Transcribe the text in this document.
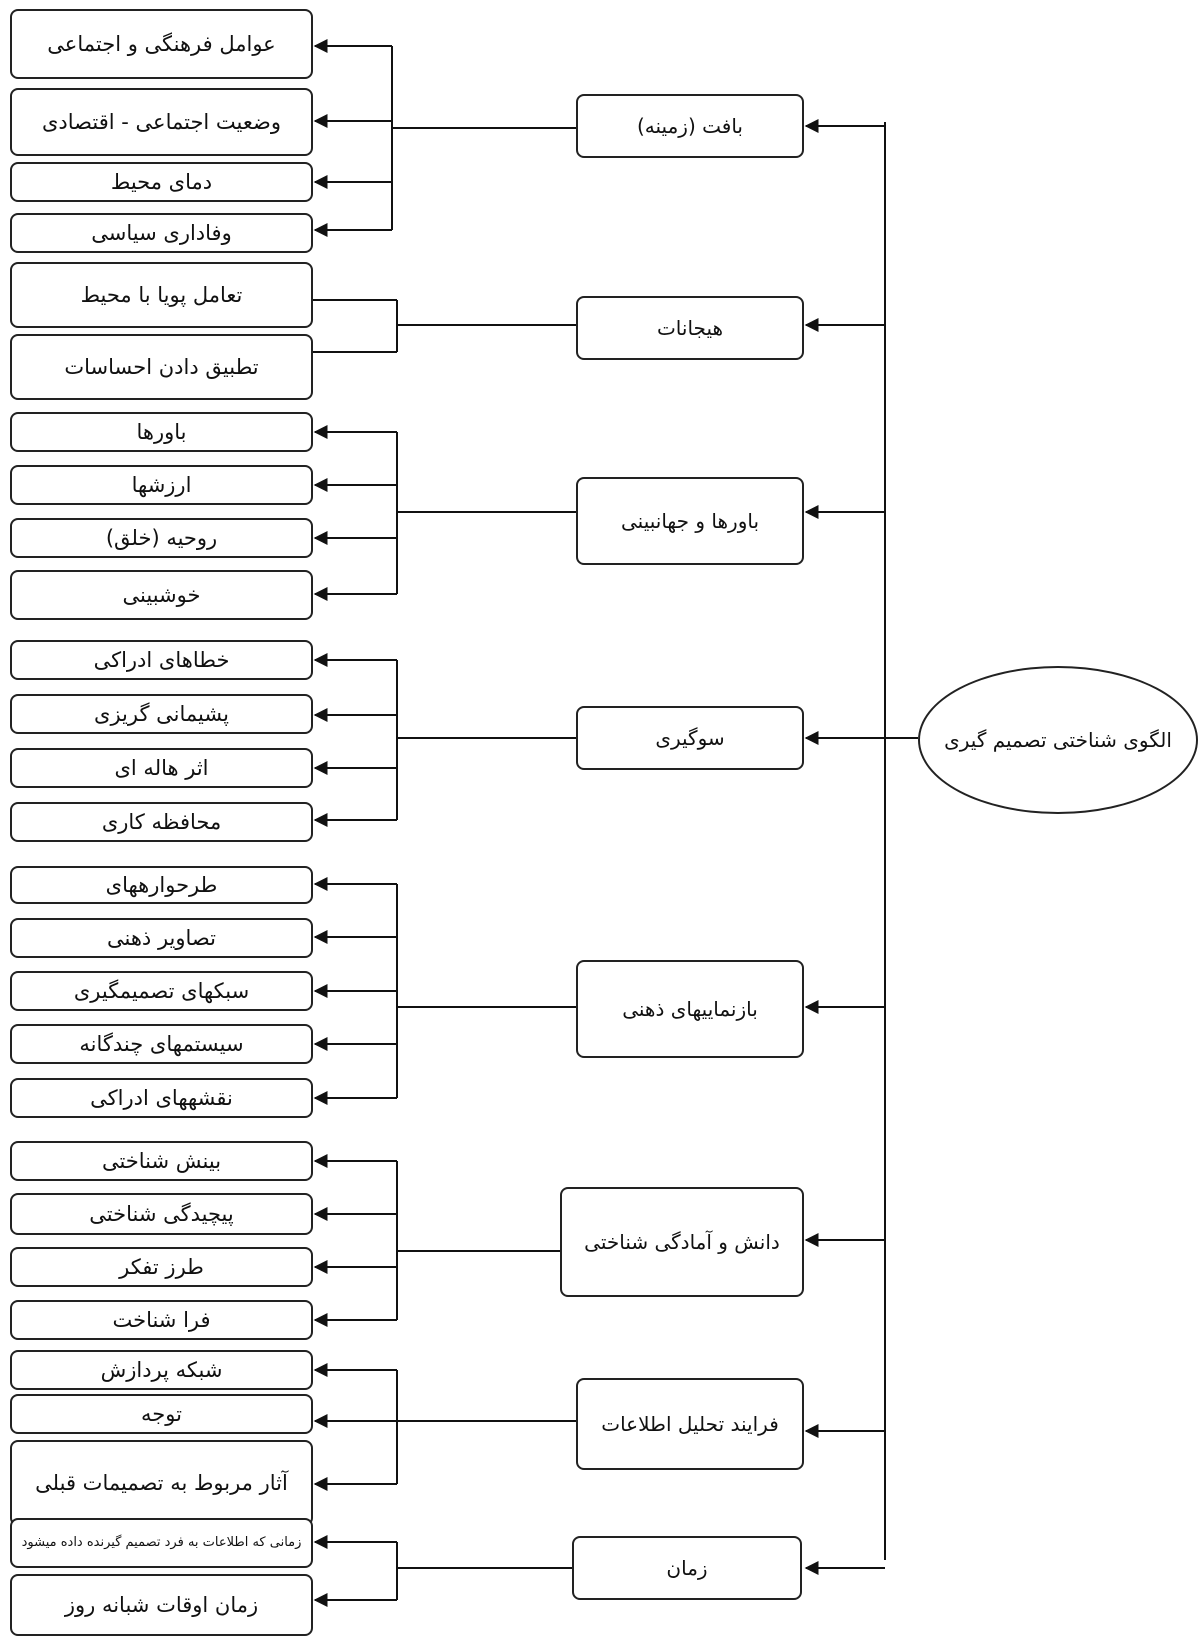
الگوی شناختی تصمیم گیری
بافت (زمینه)
هیجانات
باورها و جهانبینی
سوگیری
بازنماییهای ذهنی
دانش و آمادگی شناختی
فرایند تحلیل اطلاعات
زمان
عوامل فرهنگی و اجتماعی
وضعیت اجتماعی - اقتصادی
دمای محیط
وفاداری سیاسی
تعامل پویا با محیط
تطبیق دادن احساسات
باورها
ارزشها
روحیه (خلق)
خوشبینی
خطاهای ادراکی
پشیمانی گریزی
اثر هاله ای
محافظه کاری
طرحوارههای
تصاویر ذهنی
سبکهای تصمیمگیری
سیستمهای چندگانه
نقشههای ادراکی
بینش شناختی
پیچیدگی شناختی
طرز تفکر
فرا شناخت
شبکه پردازش
توجه
آثار مربوط به تصمیمات قبلی
زمانی که اطلاعات به فرد تصمیم گیرنده داده میشود
زمان اوقات شبانه روز
